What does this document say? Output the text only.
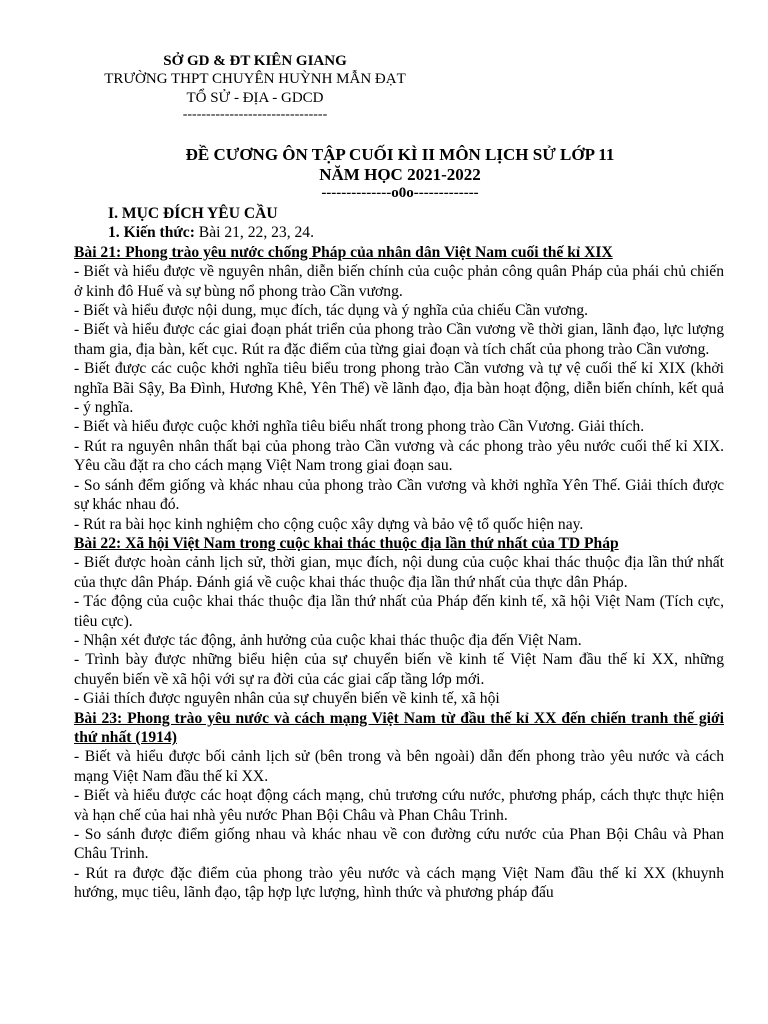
SỞ GD & ĐT KIÊN GIANG
TRƯỜNG THPT CHUYÊN HUỲNH MẪN ĐẠT
TỔ SỬ - ĐỊA - GDCD
-------------------------------
ĐỀ CƯƠNG ÔN TẬP CUỐI KÌ II MÔN LỊCH SỬ LỚP 11
NĂM HỌC 2021-2022
--------------o0o-------------

I. MỤC ĐÍCH YÊU CẦU

1. Kiến thức: Bài 21, 22, 23, 24.

Bài 21: Phong trào yêu nước chống Pháp của nhân dân Việt Nam cuối thế kỉ XIX

- Biết và hiểu được về nguyên nhân, diễn biến chính của cuộc phản công quân Pháp của phái chủ chiến ở kinh đô Huế và sự bùng nổ phong trào Cần vương.

- Biết và hiểu được nội dung, mục đích, tác dụng và ý nghĩa của chiếu Cần vương.

- Biết và hiểu được các giai đoạn phát triển của phong trào Cần vương về thời gian, lãnh đạo, lực lượng tham gia, địa bàn, kết cục. Rút ra đặc điểm của từng giai đoạn và tích chất của phong trào Cần vương.

- Biết được các cuộc khởi nghĩa tiêu biểu trong phong trào Cần vương và tự vệ cuối thế kỉ XIX (khởi nghĩa Bãi Sậy, Ba Đình, Hương Khê, Yên Thế) về lãnh đạo, địa bàn hoạt động, diễn biến chính, kết quả - ý nghĩa.

- Biết và hiểu được cuộc khởi nghĩa tiêu biểu nhất trong phong trào Cần Vương. Giải thích.

- Rút ra nguyên nhân thất bại của phong trào Cần vương và các phong trào yêu nước cuối thế kỉ XIX. Yêu cầu đặt ra cho cách mạng Việt Nam trong giai đoạn sau.

- So sánh đểm giống và khác nhau của phong trào Cần vương và khởi nghĩa Yên Thế. Giải thích được sự khác nhau đó.

- Rút ra bài học kinh nghiệm cho cộng cuộc xây dựng và bảo vệ tổ quốc hiện nay.

Bài 22: Xã hội Việt Nam trong cuộc khai thác thuộc địa lần thứ nhất của TD Pháp

- Biết được hoàn cảnh lịch sử, thời gian, mục đích, nội dung của cuộc khai thác thuộc địa lần thứ nhất của thực dân Pháp. Đánh giá về cuộc khai thác thuộc địa lần thứ nhất của thực dân Pháp.

- Tác động của cuộc khai thác thuộc địa lần thứ nhất của Pháp đến kinh tế, xã hội Việt Nam (Tích cực, tiêu cực).

- Nhận xét được tác động, ảnh hưởng của cuộc khai thác thuộc địa đến Việt Nam.

- Trình bày được những biểu hiện của sự chuyển biến về kinh tế Việt Nam đầu thế kỉ XX, những chuyển biến về xã hội với sự ra đời của các giai cấp tầng lớp mới.

- Giải thích được nguyên nhân của sự chuyển biến về kinh tế, xã hội

Bài 23: Phong trào yêu nước và cách mạng Việt Nam từ đầu thế kỉ XX đến chiến tranh thế giới thứ nhất (1914)

- Biết và hiểu được bối cảnh lịch sử (bên trong và bên ngoài) dẫn đến phong trào yêu nước và cách mạng Việt Nam đầu thế kỉ XX.

- Biết và hiểu được các hoạt động cách mạng, chủ trương cứu nước, phương pháp, cách thực thực hiện và hạn chế của hai nhà yêu nước Phan Bội Châu và Phan Châu Trinh.

- So sánh được điểm giống nhau và khác nhau về con đường cứu nước của Phan Bội Châu và Phan Châu Trinh.

- Rút ra được đặc điểm của phong trào yêu nước và cách mạng Việt Nam đầu thế kỉ XX (khuynh hướng, mục tiêu, lãnh đạo, tập hợp lực lượng, hình thức và phương pháp đấu
